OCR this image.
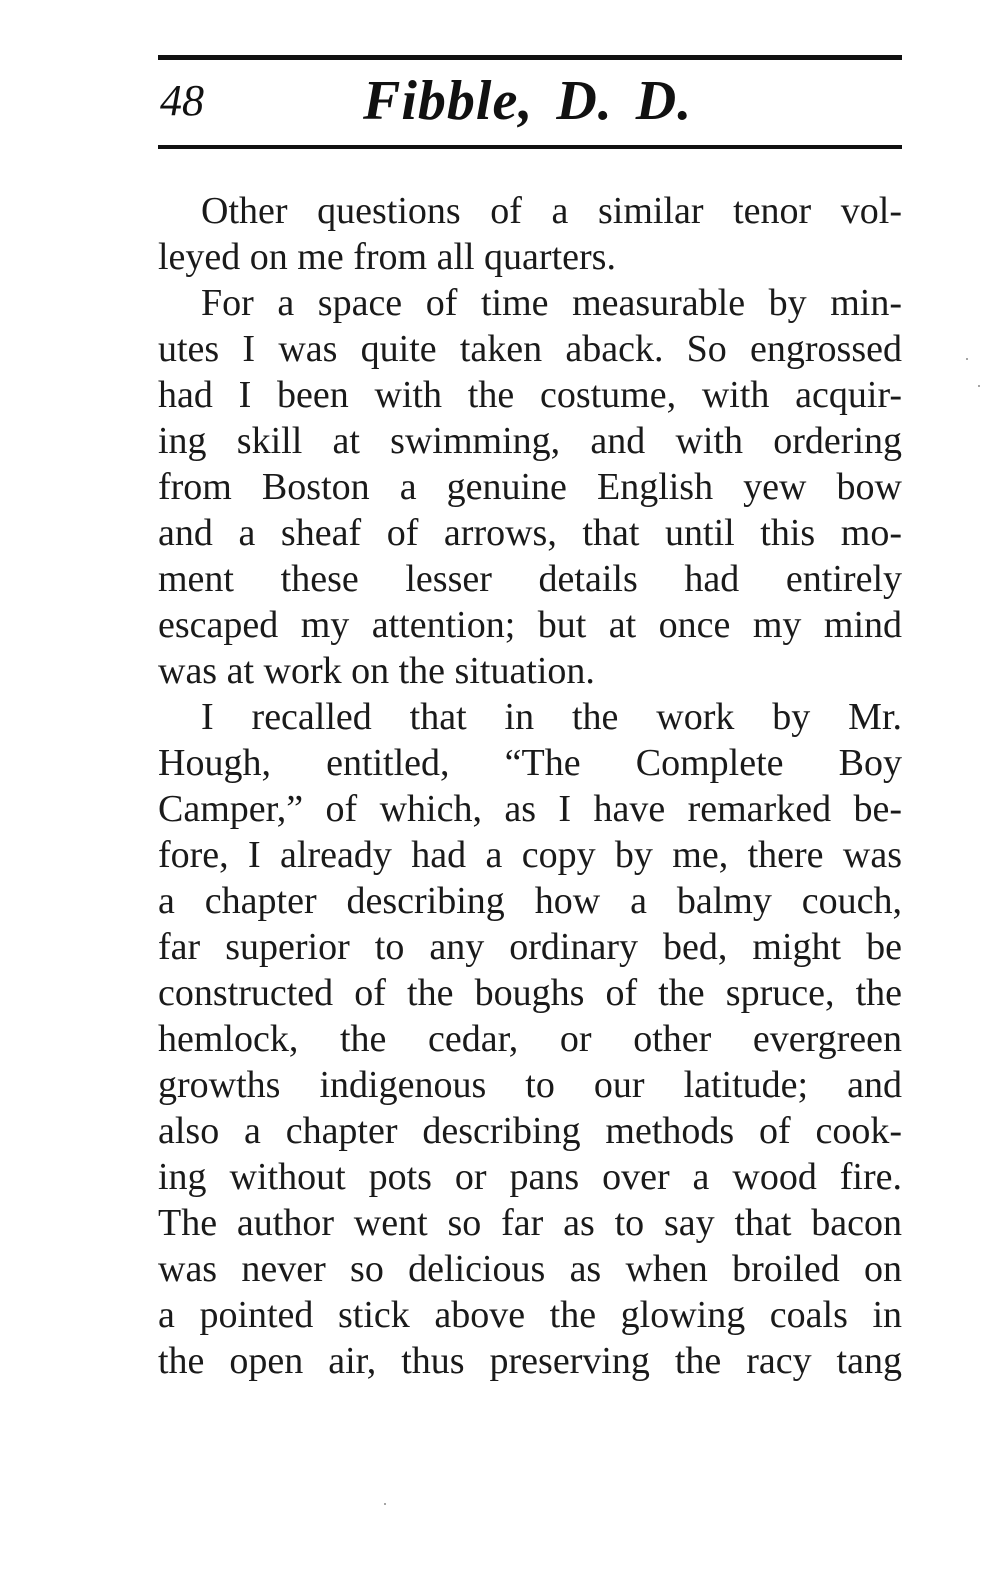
48	Fibble, D. D.
Other questions of a similar tenor vol-
leyed on me from all quarters.
For a space of time measurable by min-
utes I was quite taken aback. So engrossed
had I been with the costume, with acquir-
ing skill at swimming, and with ordering
from Boston a genuine English yew bow
and a sheaf of arrows, that until this mo-
ment these lesser details had entirely
escaped my attention; but at once my mind
was at work on the situation.
I recalled that in the work by Mr.
Hough, entitled, “The Complete Boy
Camper,” of which, as I have remarked be-
fore, I already had a copy by me, there was
a chapter describing how a balmy couch,
far superior to any ordinary bed, might be
constructed of the boughs of the spruce, the
hemlock, the cedar, or other evergreen
growths indigenous to our latitude; and
also a chapter describing methods of cook-
ing without pots or pans over a wood fire.
The author went so far as to say that bacon
was never so delicious as when broiled on
a pointed stick above the glowing coals in
the open air, thus preserving the racy tang
